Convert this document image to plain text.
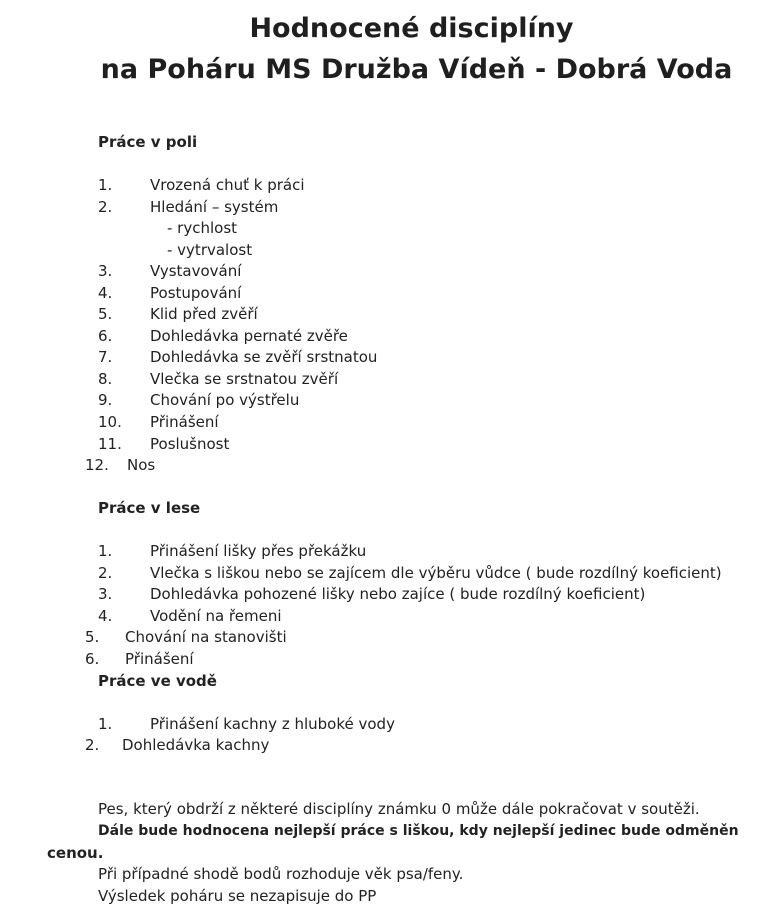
Hodnocené disciplíny
na Poháru MS Družba Vídeň - Dobrá Voda
Práce v poli
1.	Vrozená chuť k práci
2.	Hledání – systém
- rychlost
- vytrvalost
3.	Vystavování
4.	Postupování
5.	Klid před zvěří
6.	Dohledávka pernaté zvěře
7.	Dohledávka se zvěří srstnatou
8.	Vlečka se srstnatou zvěří
9.	Chování po výstřelu
10. Přinášení
11. Poslušnost
12. Nos
Práce v lese
1.	Přinášení lišky přes překážku
2.	Vlečka s liškou nebo se zajícem dle výběru vůdce ( bude rozdílný koeficient)
3.	Dohledávka pohozené lišky nebo zajíce ( bude rozdílný koeficient)
4.	Vodění na řemeni
5. Chování na stanovišti
6. Přinášení
Práce ve vodě
1.	Přinášení kachny z hluboké vody
2. Dohledávka kachny
Pes, který obdrží z některé disciplíny známku 0 může dále pokračovat v soutěži.
Dále bude hodnocena nejlepší práce s liškou, kdy nejlepší jedinec bude odměněn
cenou.
Při případné shodě bodů rozhoduje věk psa/feny.
Výsledek poháru se nezapisuje do PP
